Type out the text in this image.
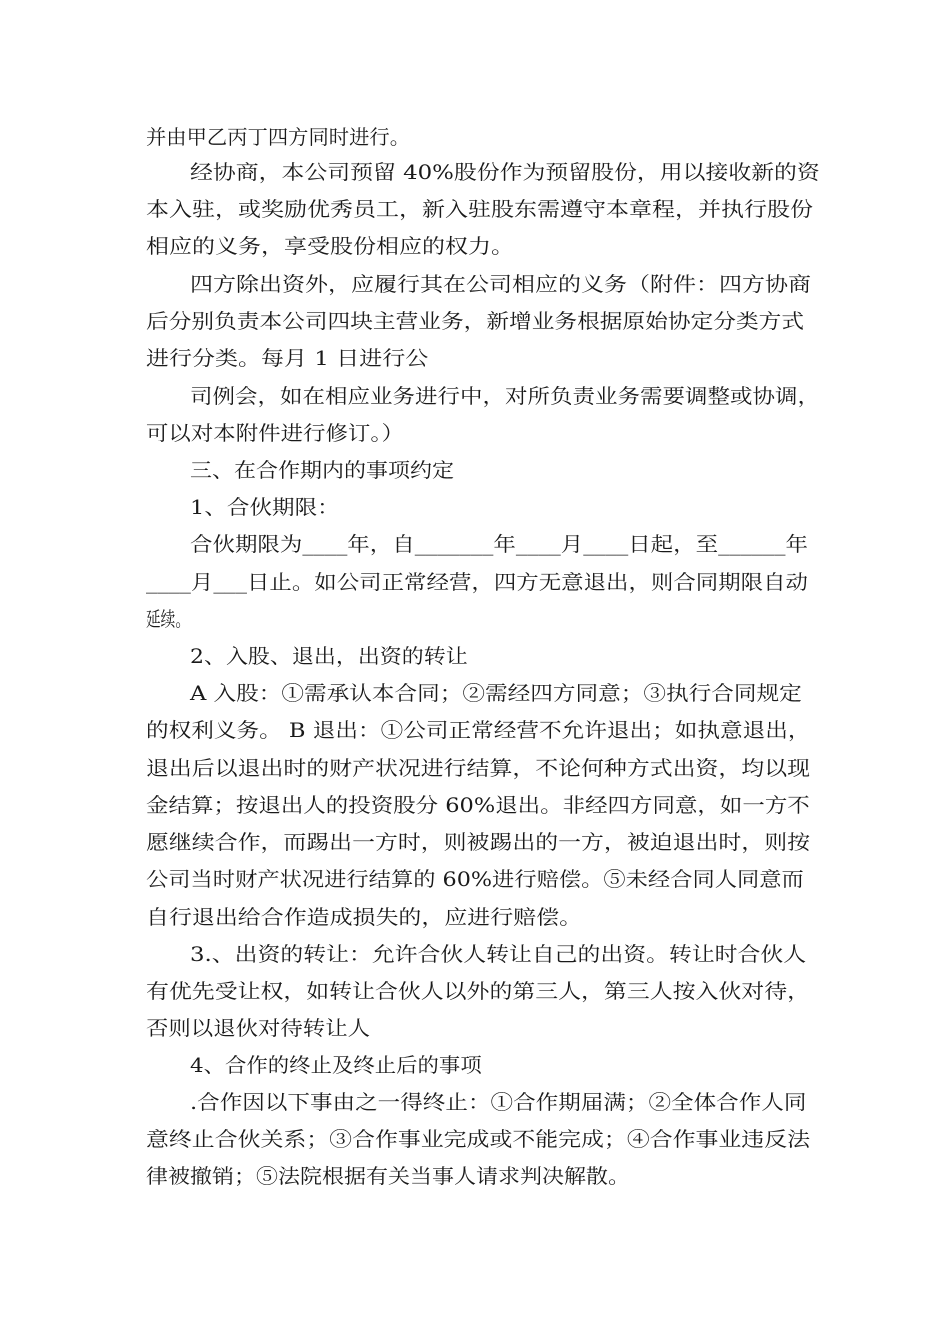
并由甲乙丙丁四方同时进行。
经协商，本公司预留 40%股份作为预留股份，用以接收新的资
本入驻，或奖励优秀员工，新入驻股东需遵守本章程，并执行股份
相应的义务，享受股份相应的权力。
四方除出资外，应履行其在公司相应的义务（附件：四方协商
后分别负责本公司四块主营业务，新增业务根据原始协定分类方式
进行分类。每月 1 日进行公
司例会，如在相应业务进行中，对所负责业务需要调整或协调，
可以对本附件进行修订。）
三、在合作期内的事项约定
1、合伙期限：
合伙期限为____年，自_______年____月____日起，至______年
____月___日止。如公司正常经营，四方无意退出，则合同期限自动
延续。
2、入股、退出，出资的转让
A 入股：①需承认本合同；②需经四方同意；③执行合同规定
的权利义务。 B 退出：①公司正常经营不允许退出；如执意退出，
退出后以退出时的财产状况进行结算，不论何种方式出资，均以现
金结算；按退出人的投资股分 60%退出。非经四方同意，如一方不
愿继续合作，而踢出一方时，则被踢出的一方，被迫退出时，则按
公司当时财产状况进行结算的 60%进行赔偿。⑤未经合同人同意而
自行退出给合作造成损失的，应进行赔偿。
3.、出资的转让：允许合伙人转让自己的出资。转让时合伙人
有优先受让权，如转让合伙人以外的第三人，第三人按入伙对待，
否则以退伙对待转让人
4、合作的终止及终止后的事项
.合作因以下事由之一得终止：①合作期届满；②全体合作人同
意终止合伙关系；③合作事业完成或不能完成；④合作事业违反法
律被撤销；⑤法院根据有关当事人请求判决解散。
